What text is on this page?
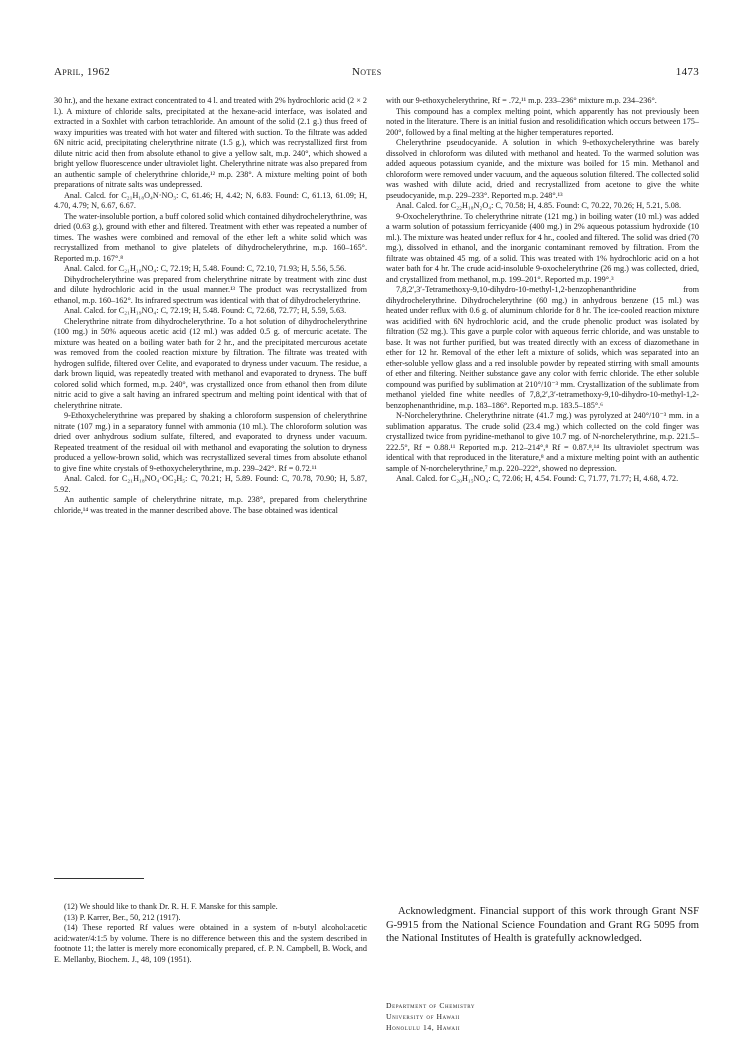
April, 1962	Notes	1473

30 hr.), and the hexane extract concentrated to 4 l. and treated with 2% hydrochloric acid (2 × 2 l.). A mixture of chloride salts, precipitated at the hexane-acid interface, was isolated and extracted in a Soxhlet with carbon tetrachloride. An amount of the solid (2.1 g.) thus freed of waxy impurities was treated with hot water and filtered with suction. To the filtrate was added 6N nitric acid, precipitating chelerythrine nitrate (1.5 g.), which was recrystallized first from dilute nitric acid then from absolute ethanol to give a yellow salt, m.p. 240°, which showed a bright yellow fluorescence under ultraviolet light. Chelerythrine nitrate was also prepared from an authentic sample of chelerythrine chloride,¹² m.p. 238°. A mixture melting point of both preparations of nitrate salts was undepressed.

Anal. Calcd. for C₂₁H₁₈O₄N·NO₃: C, 61.46; H, 4.42; N, 6.83. Found: C, 61.13, 61.09; H, 4.70, 4.79; N, 6.67, 6.67.

The water-insoluble portion, a buff colored solid which contained dihydrochelerythrine, was dried (0.63 g.), ground with ether and filtered. Treatment with ether was repeated a number of times. The washes were combined and removal of the ether left a white solid which was recrystallized from methanol to give platelets of dihydrochelerythrine, m.p. 160–165°. Reported m.p. 167°.⁸

Anal. Calcd. for C₂₁H₁₉NO₄: C, 72.19; H, 5.48. Found: C, 72.10, 71.93; H, 5.56, 5.56.

Dihydrochelerythrine was prepared from chelerythrine nitrate by treatment with zinc dust and dilute hydrochloric acid in the usual manner.¹³ The product was recrystallized from ethanol, m.p. 160–162°. Its infrared spectrum was identical with that of dihydrochelerythrine.

Anal. Calcd. for C₂₁H₁₉NO₄: C, 72.19; H, 5.48. Found: C, 72.68, 72.77; H, 5.59, 5.63.

Chelerythrine nitrate from dihydrochelerythrine. To a hot solution of dihydrochelerythrine (100 mg.) in 50% aqueous acetic acid (12 ml.) was added 0.5 g. of mercuric acetate. The mixture was heated on a boiling water bath for 2 hr., and the precipitated mercurous acetate was removed from the cooled reaction mixture by filtration. The filtrate was treated with hydrogen sulfide, filtered over Celite, and evaporated to dryness under vacuum. The residue, a dark brown liquid, was repeatedly treated with methanol and evaporated to dryness. The buff colored solid which formed, m.p. 240°, was crystallized once from ethanol then from dilute nitric acid to give a salt having an infrared spectrum and melting point identical with that of chelerythrine nitrate.

9-Ethoxychelerythrine was prepared by shaking a chloroform suspension of chelerythrine nitrate (107 mg.) in a separatory funnel with ammonia (10 ml.). The chloroform solution was dried over anhydrous sodium sulfate, filtered, and evaporated to dryness under vacuum. Repeated treatment of the residual oil with methanol and evaporating the solution to dryness produced a yellow-brown solid, which was recrystallized several times from absolute ethanol to give fine white crystals of 9-ethoxychelerythrine, m.p. 239–242°. Rf = 0.72.¹¹

Anal. Calcd. for C₂₁H₁₈NO₄·OC₂H₅: C, 70.21; H, 5.89. Found: C, 70.78, 70.90; H, 5.87, 5.92.

An authentic sample of chelerythrine nitrate, m.p. 238°, prepared from chelerythrine chloride,¹⁴ was treated in the manner described above. The base obtained was identical

with our 9-ethoxychelerythrine, Rf = .72,¹¹ m.p. 233–236° mixture m.p. 234–236°.

This compound has a complex melting point, which apparently has not previously been noted in the literature. There is an initial fusion and resolidification which occurs between 175–200°, followed by a final melting at the higher temperatures reported.

Chelerythrine pseudocyanide. A solution in which 9-ethoxychelerythrine was barely dissolved in chloroform was diluted with methanol and heated. To the warmed solution was added aqueous potassium cyanide, and the mixture was boiled for 15 min. Methanol and chloroform were removed under vacuum, and the aqueous solution filtered. The collected solid was washed with dilute acid, dried and recrystallized from acetone to give the white pseudocyanide, m.p. 229–233°. Reported m.p. 248°.¹³

Anal. Calcd. for C₂₂H₁₈N₂O₄: C, 70.58; H, 4.85. Found: C, 70.22, 70.26; H, 5.21, 5.08.

9-Oxochelerythrine. To chelerythrine nitrate (121 mg.) in boiling water (10 ml.) was added a warm solution of potassium ferricyanide (400 mg.) in 2% aqueous potassium hydroxide (10 ml.). The mixture was heated under reflux for 4 hr., cooled and filtered. The solid was dried (70 mg.), dissolved in ethanol, and the inorganic contaminant removed by filtration. From the filtrate was obtained 45 mg. of a solid. This was treated with 1% hydrochloric acid on a hot water bath for 4 hr. The crude acid-insoluble 9-oxochelerythrine (26 mg.) was collected, dried, and crystallized from methanol, m.p. 199–201°. Reported m.p. 199°.³

7,8,2′,3′-Tetramethoxy-9,10-dihydro-10-methyl-1,2-benzophenanthridine from dihydrochelerythrine. Dihydrochelerythrine (60 mg.) in anhydrous benzene (15 ml.) was heated under reflux with 0.6 g. of aluminum chloride for 8 hr. The ice-cooled reaction mixture was acidified with 6N hydrochloric acid, and the crude phenolic product was isolated by filtration (52 mg.). This gave a purple color with aqueous ferric chloride, and was unstable to base. It was not further purified, but was treated directly with an excess of diazomethane in ether for 12 hr. Removal of the ether left a mixture of solids, which was separated into an ether-soluble yellow glass and a red insoluble powder by repeated stirring with small amounts of ether and filtering. Neither substance gave any color with ferric chloride. The ether soluble compound was purified by sublimation at 210°/10⁻³ mm. Crystallization of the sublimate from methanol yielded fine white needles of 7,8,2′,3′-tetramethoxy-9,10-dihydro-10-methyl-1,2-benzophenanthridine, m.p. 183–186°. Reported m.p. 183.5–185°.⁶

N-Norchelerythrine. Chelerythrine nitrate (41.7 mg.) was pyrolyzed at 240°/10⁻³ mm. in a sublimation apparatus. The crude solid (23.4 mg.) which collected on the cold finger was crystallized twice from pyridine-methanol to give 10.7 mg. of N-norchelerythrine, m.p. 221.5–222.5°, Rf = 0.88.¹¹ Reported m.p. 212–214°,⁸ Rf = 0.87.⁸,¹⁴ Its ultraviolet spectrum was identical with that reproduced in the literature,⁸ and a mixture melting point with an authentic sample of N-norchelerythrine,⁷ m.p. 220–222°, showed no depression.

Anal. Calcd. for C₂₀H₁₅NO₄: C, 72.06; H, 4.54. Found: C, 71.77, 71.77; H, 4.68, 4.72.

(12) We should like to thank Dr. R. H. F. Manske for this sample.

(13) P. Karrer, Ber., 50, 212 (1917).

(14) These reported Rf values were obtained in a system of n-butyl alcohol:acetic acid:water/4:1:5 by volume. There is no difference between this and the system described in footnote 11; the latter is merely more economically prepared, cf. P. N. Campbell, B. Wock, and E. Mellanby, Biochem. J., 48, 109 (1951).

Acknowledgment. Financial support of this work through Grant NSF G-9915 from the National Science Foundation and Grant RG 5095 from the National Institutes of Health is gratefully acknowledged.

Department of Chemistry
University of Hawaii
Honolulu 14, Hawaii
